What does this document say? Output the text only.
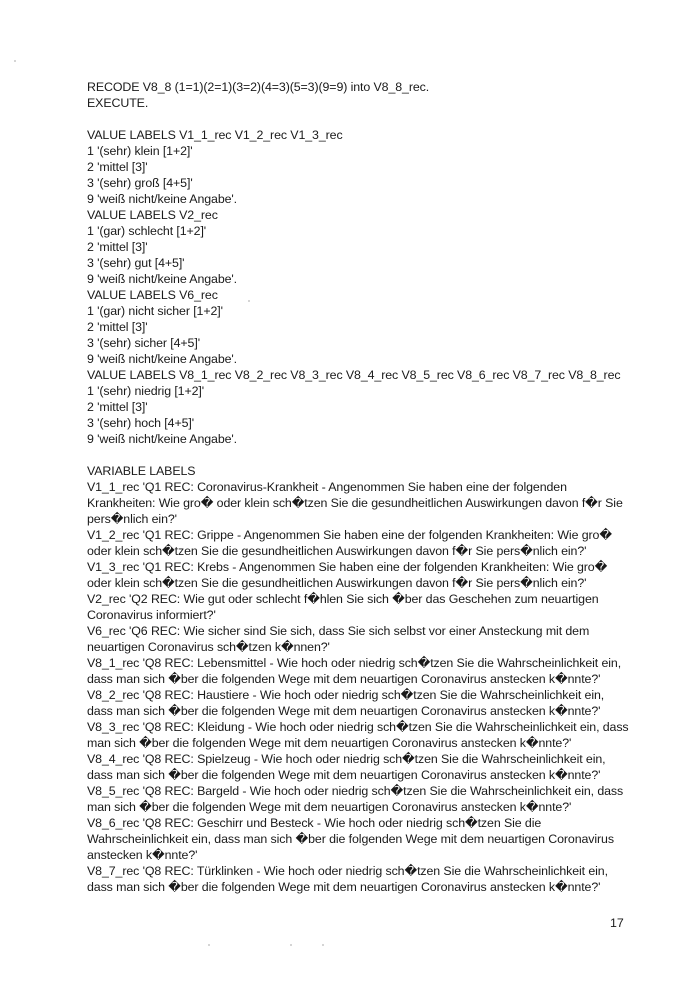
RECODE V8_8 (1=1)(2=1)(3=2)(4=3)(5=3)(9=9) into V8_8_rec.
EXECUTE.
VALUE LABELS V1_1_rec V1_2_rec V1_3_rec
1 '(sehr) klein [1+2]'
2 'mittel [3]'
3 '(sehr) groß [4+5]'
9 'weiß nicht/keine Angabe'.
VALUE LABELS V2_rec
1 '(gar) schlecht [1+2]'
2 'mittel [3]'
3 '(sehr) gut [4+5]'
9 'weiß nicht/keine Angabe'.
VALUE LABELS V6_rec
1 '(gar) nicht sicher [1+2]'
2 'mittel [3]'
3 '(sehr) sicher [4+5]'
9 'weiß nicht/keine Angabe'.
VALUE LABELS V8_1_rec V8_2_rec V8_3_rec V8_4_rec V8_5_rec V8_6_rec V8_7_rec V8_8_rec
1 '(sehr) niedrig [1+2]'
2 'mittel [3]'
3 '(sehr) hoch [4+5]'
9 'weiß nicht/keine Angabe'.
VARIABLE LABELS
V1_1_rec 'Q1 REC: Coronavirus-Krankheit - Angenommen Sie haben eine der folgenden Krankheiten: Wie gro� oder klein sch�tzen Sie die gesundheitlichen Auswirkungen davon f�r Sie pers�nlich ein?'
V1_2_rec 'Q1 REC: Grippe - Angenommen Sie haben eine der folgenden Krankheiten: Wie gro� oder klein sch�tzen Sie die gesundheitlichen Auswirkungen davon f�r Sie pers�nlich ein?'
V1_3_rec 'Q1 REC: Krebs - Angenommen Sie haben eine der folgenden Krankheiten: Wie gro� oder klein sch�tzen Sie die gesundheitlichen Auswirkungen davon f�r Sie pers�nlich ein?'
V2_rec 'Q2 REC: Wie gut oder schlecht f�hlen Sie sich �ber das Geschehen zum neuartigen Coronavirus informiert?'
V6_rec 'Q6 REC: Wie sicher sind Sie sich, dass Sie sich selbst vor einer Ansteckung mit dem neuartigen Coronavirus sch�tzen k�nnen?'
V8_1_rec 'Q8 REC: Lebensmittel - Wie hoch oder niedrig sch�tzen Sie die Wahrscheinlichkeit ein, dass man sich �ber die folgenden Wege mit dem neuartigen Coronavirus anstecken k�nnte?'
V8_2_rec 'Q8 REC: Haustiere - Wie hoch oder niedrig sch�tzen Sie die Wahrscheinlichkeit ein, dass man sich �ber die folgenden Wege mit dem neuartigen Coronavirus anstecken k�nnte?'
V8_3_rec 'Q8 REC: Kleidung - Wie hoch oder niedrig sch�tzen Sie die Wahrscheinlichkeit ein, dass man sich �ber die folgenden Wege mit dem neuartigen Coronavirus anstecken k�nnte?'
V8_4_rec 'Q8 REC: Spielzeug - Wie hoch oder niedrig sch�tzen Sie die Wahrscheinlichkeit ein, dass man sich �ber die folgenden Wege mit dem neuartigen Coronavirus anstecken k�nnte?'
V8_5_rec 'Q8 REC: Bargeld - Wie hoch oder niedrig sch�tzen Sie die Wahrscheinlichkeit ein, dass man sich �ber die folgenden Wege mit dem neuartigen Coronavirus anstecken k�nnte?'
V8_6_rec 'Q8 REC: Geschirr und Besteck - Wie hoch oder niedrig sch�tzen Sie die Wahrscheinlichkeit ein, dass man sich �ber die folgenden Wege mit dem neuartigen Coronavirus anstecken k�nnte?'
V8_7_rec 'Q8 REC: Türklinken - Wie hoch oder niedrig sch�tzen Sie die Wahrscheinlichkeit ein, dass man sich �ber die folgenden Wege mit dem neuartigen Coronavirus anstecken k�nnte?'
17
